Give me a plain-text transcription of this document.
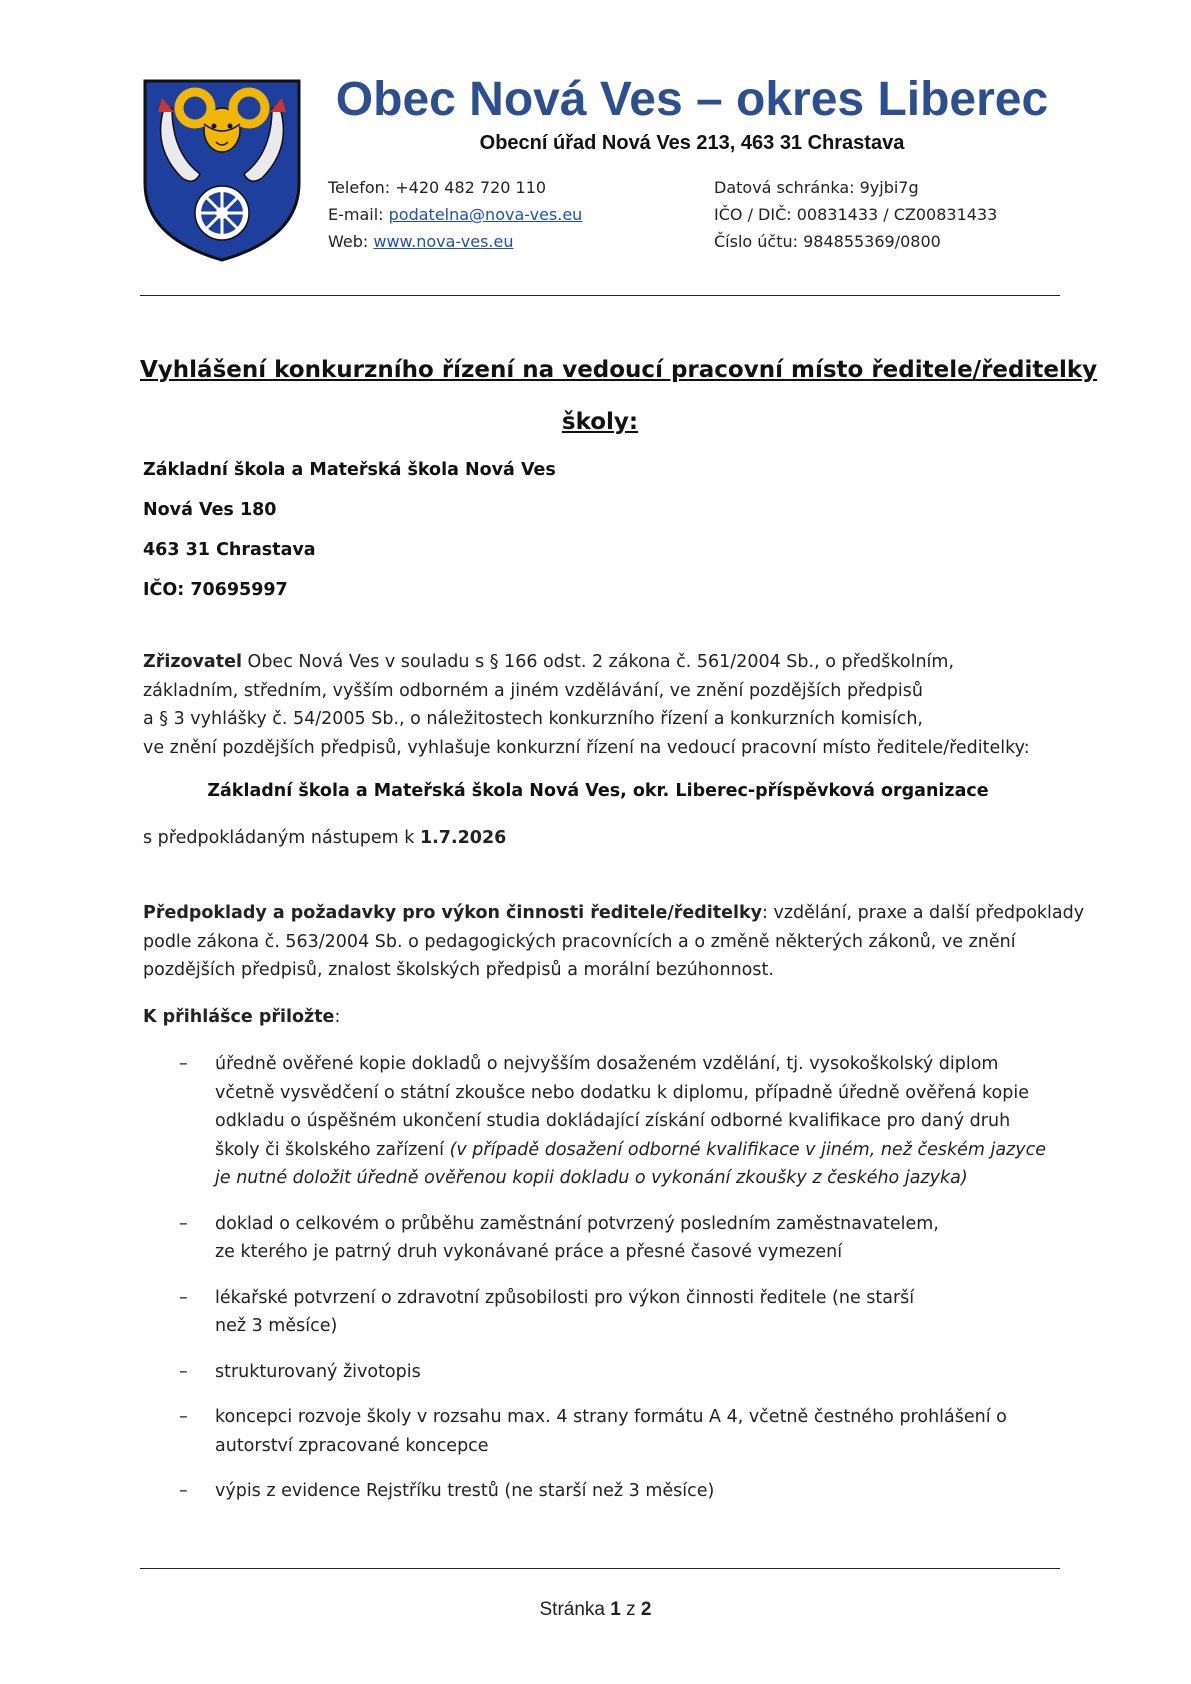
Obec Nová Ves – okres Liberec
Obecní úřad Nová Ves 213, 463 31 Chrastava
Telefon: +420 482 720 110
E-mail: podatelna@nova-ves.eu
Web: www.nova-ves.eu
Datová schránka: 9yjbi7g
IČO / DIČ: 00831433 / CZ00831433
Číslo účtu: 984855369/0800
Vyhlášení konkurzního řízení na vedoucí pracovní místo ředitele/ředitelky
školy:
Základní škola a Mateřská škola Nová Ves
Nová Ves 180
463 31 Chrastava
IČO: 70695997
Zřizovatel Obec Nová Ves v souladu s § 166 odst. 2 zákona č. 561/2004 Sb., o předškolním,
základním, středním, vyšším odborném a jiném vzdělávání, ve znění pozdějších předpisů
a § 3 vyhlášky č. 54/2005 Sb., o náležitostech konkurzního řízení a konkurzních komisích,
ve znění pozdějších předpisů, vyhlašuje konkurzní řízení na vedoucí pracovní místo ředitele/ředitelky:
Základní škola a Mateřská škola Nová Ves, okr. Liberec-příspěvková organizace
s předpokládaným nástupem k 1.7.2026
Předpoklady a požadavky pro výkon činnosti ředitele/ředitelky: vzdělání, praxe a další předpoklady
podle zákona č. 563/2004 Sb. o pedagogických pracovnících a o změně některých zákonů, ve znění
pozdějších předpisů, znalost školských předpisů a morální bezúhonnost.
K přihlášce přiložte:
– úředně ověřené kopie dokladů o nejvyšším dosaženém vzdělání, tj. vysokoškolský diplom
včetně vysvědčení o státní zkoušce nebo dodatku k diplomu, případně úředně ověřená kopie
odkladu o úspěšném ukončení studia dokládající získání odborné kvalifikace pro daný druh
školy či školského zařízení (v případě dosažení odborné kvalifikace v jiném, než českém jazyce
je nutné doložit úředně ověřenou kopii dokladu o vykonání zkoušky z českého jazyka)
– doklad o celkovém o průběhu zaměstnání potvrzený posledním zaměstnavatelem,
ze kterého je patrný druh vykonávané práce a přesné časové vymezení
– lékařské potvrzení o zdravotní způsobilosti pro výkon činnosti ředitele (ne starší
než 3 měsíce)
– strukturovaný životopis
– koncepci rozvoje školy v rozsahu max. 4 strany formátu A 4, včetně čestného prohlášení o
autorství zpracované koncepce
– výpis z evidence Rejstříku trestů (ne starší než 3 měsíce)
Stránka 1 z 2
